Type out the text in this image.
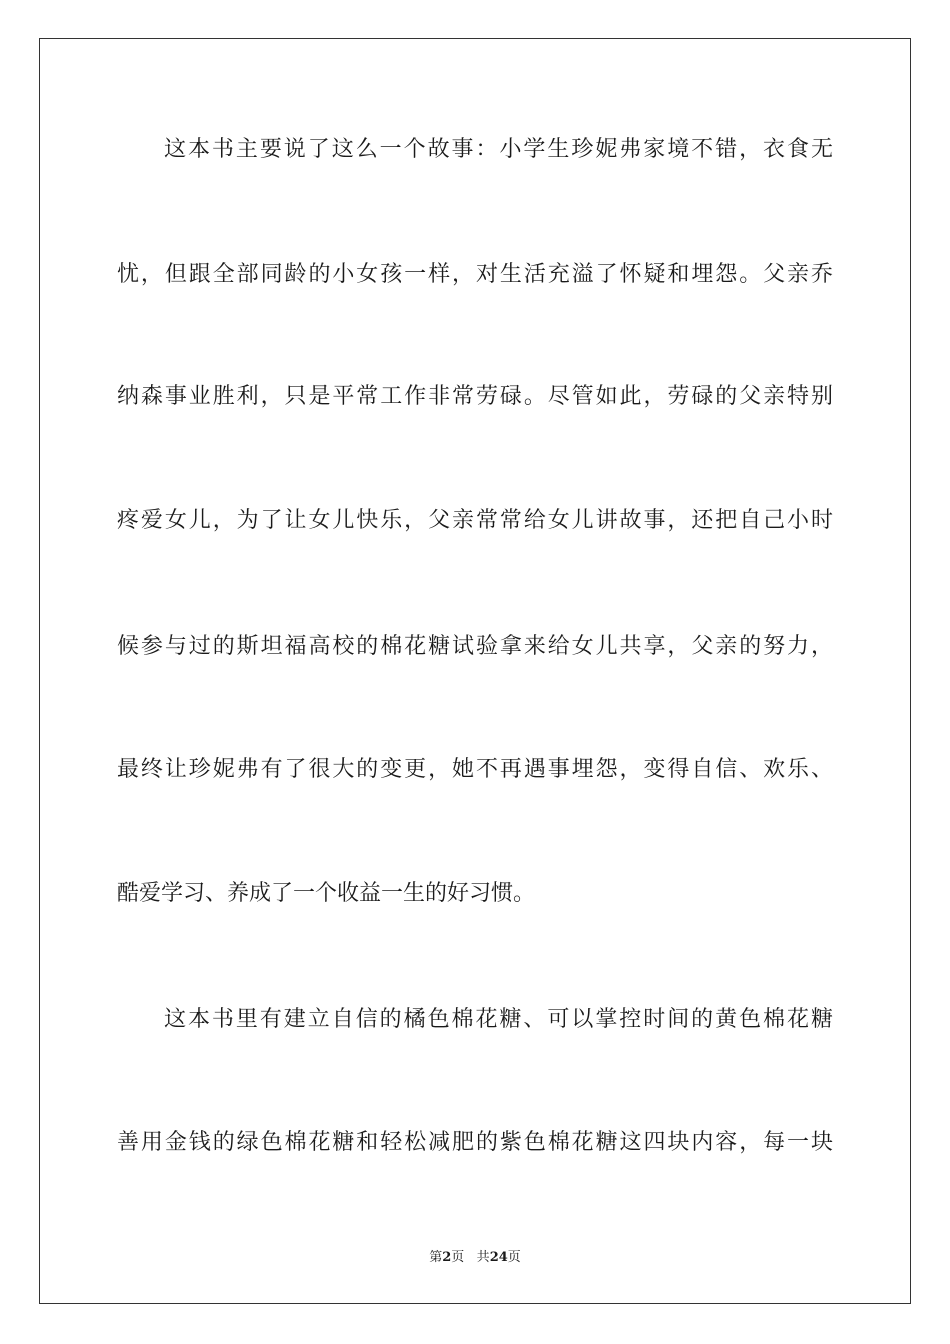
这本书主要说了这么一个故事：小学生珍妮弗家境不错，衣食无
忧，但跟全部同龄的小女孩一样，对生活充溢了怀疑和埋怨。父亲乔
纳森事业胜利，只是平常工作非常劳碌。尽管如此，劳碌的父亲特别
疼爱女儿，为了让女儿快乐，父亲常常给女儿讲故事，还把自己小时
候参与过的斯坦福高校的棉花糖试验拿来给女儿共享，父亲的努力，
最终让珍妮弗有了很大的变更，她不再遇事埋怨，变得自信、欢乐、
酷爱学习、养成了一个收益一生的好习惯。
这本书里有建立自信的橘色棉花糖、可以掌控时间的黄色棉花糖
善用金钱的绿色棉花糖和轻松减肥的紫色棉花糖这四块内容，每一块
第2页 共24页
